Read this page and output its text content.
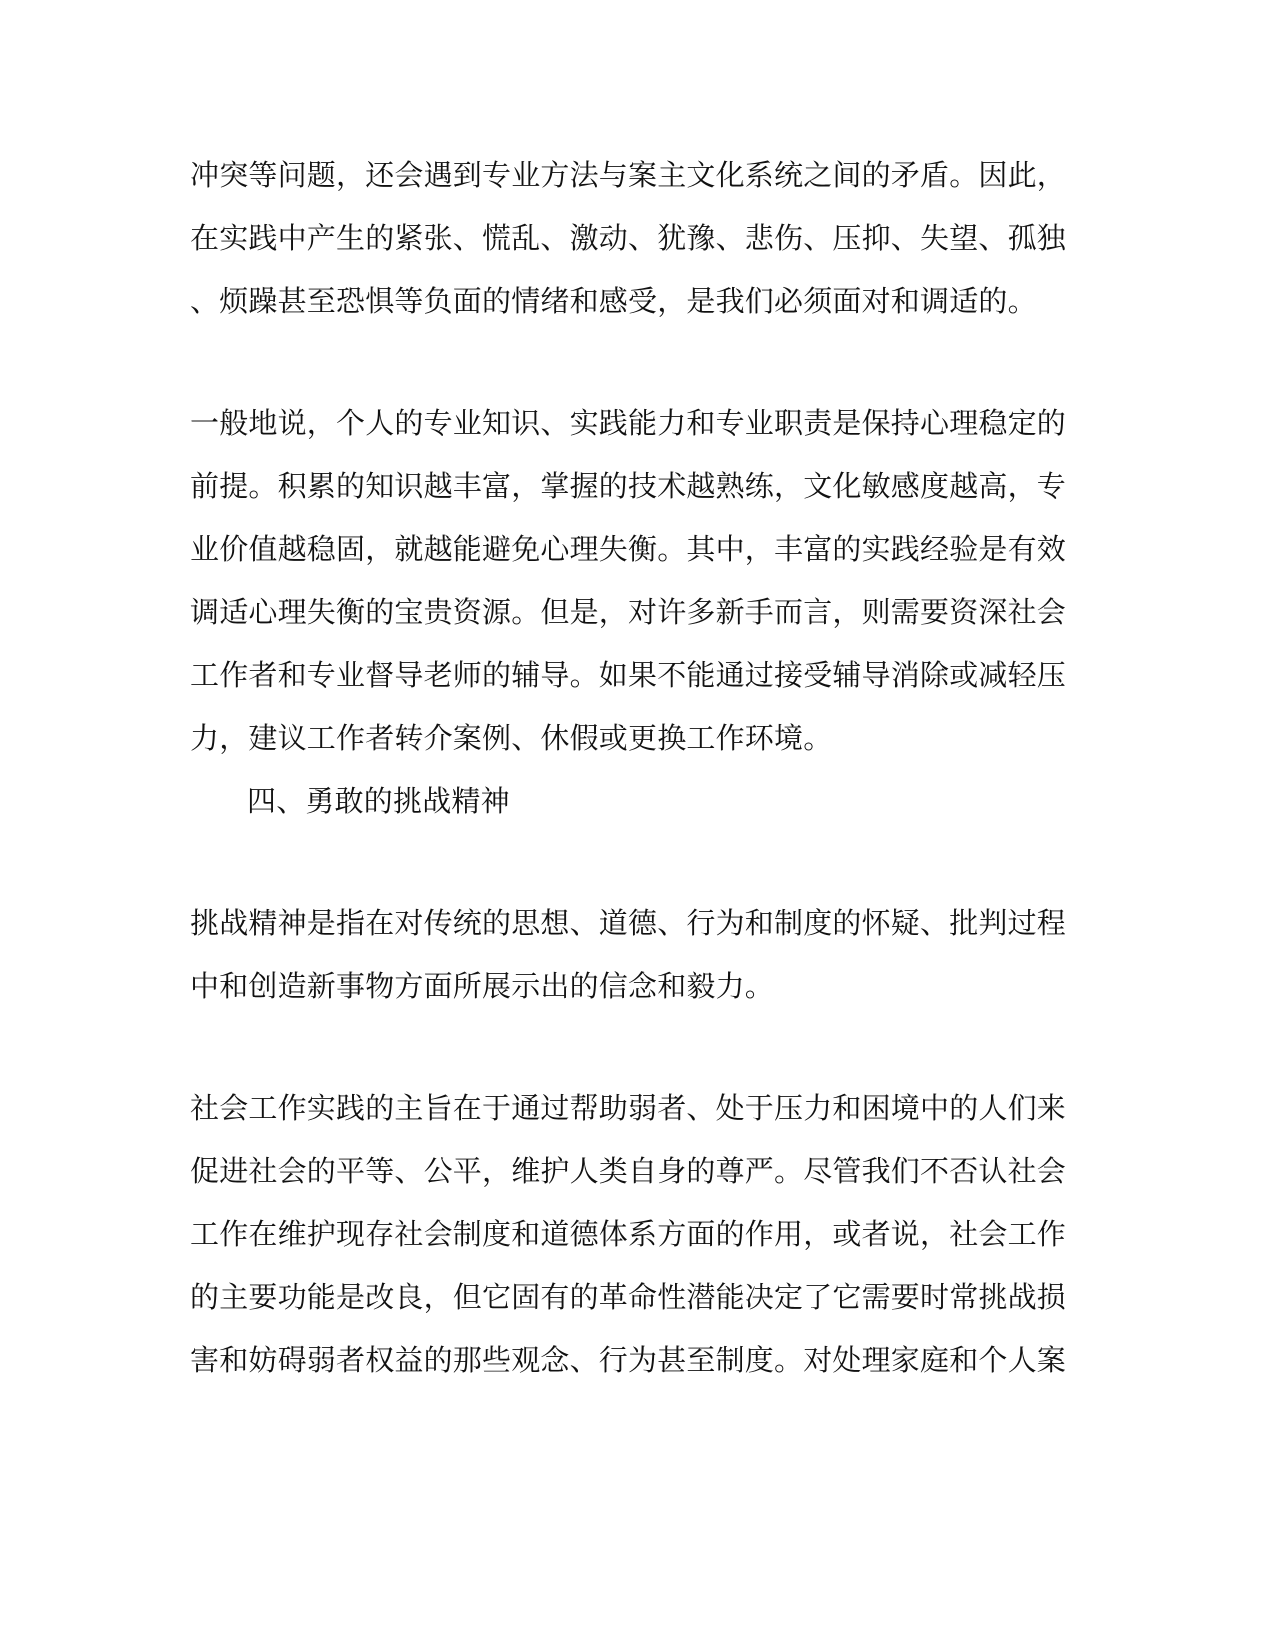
冲突等问题，还会遇到专业方法与案主文化系统之间的矛盾。因此，
在实践中产生的紧张、慌乱、激动、犹豫、悲伤、压抑、失望、孤独
、烦躁甚至恐惧等负面的情绪和感受，是我们必须面对和调适的。
一般地说，个人的专业知识、实践能力和专业职责是保持心理稳定的
前提。积累的知识越丰富，掌握的技术越熟练，文化敏感度越高，专
业价值越稳固，就越能避免心理失衡。其中，丰富的实践经验是有效
调适心理失衡的宝贵资源。但是，对许多新手而言，则需要资深社会
工作者和专业督导老师的辅导。如果不能通过接受辅导消除或减轻压
力，建议工作者转介案例、休假或更换工作环境。
四、勇敢的挑战精神
挑战精神是指在对传统的思想、道德、行为和制度的怀疑、批判过程
中和创造新事物方面所展示出的信念和毅力。
社会工作实践的主旨在于通过帮助弱者、处于压力和困境中的人们来
促进社会的平等、公平，维护人类自身的尊严。尽管我们不否认社会
工作在维护现存社会制度和道德体系方面的作用，或者说，社会工作
的主要功能是改良，但它固有的革命性潜能决定了它需要时常挑战损
害和妨碍弱者权益的那些观念、行为甚至制度。对处理家庭和个人案
